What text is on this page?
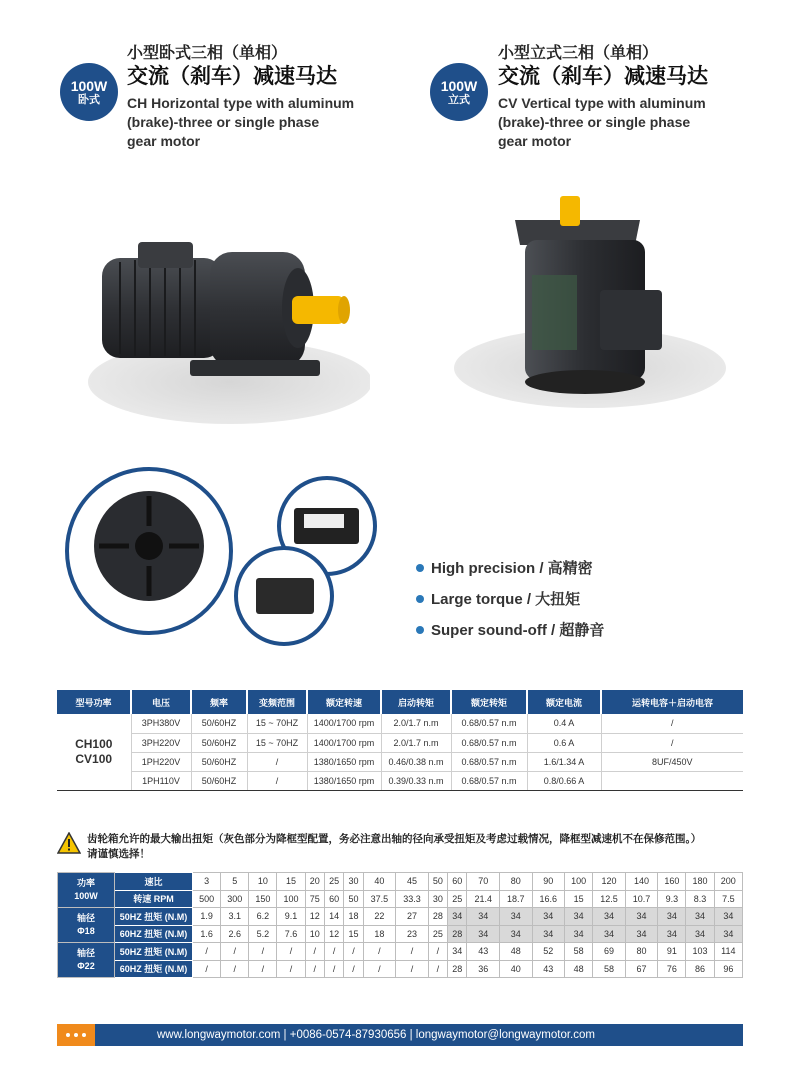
100W
卧式
小型卧式三相（单相）
交流（刹车）减速马达
CH Horizontal type with aluminum
(brake)-three or single phase
gear motor
100W
立式
小型立式三相（单相）
交流（刹车）减速马达
CV Vertical type with aluminum
(brake)-three or single phase
gear motor
High precision / 高精密
Large torque / 大扭矩
Super sound-off / 超静音
型号功率	电压	频率	变频范围	额定转速	启动转矩	额定转矩	额定电流	运转电容＋启动电容

CH100
CV100	3PH380V	50/60HZ	15 ~ 70HZ	1400/1700 rpm	2.0/1.7 n.m	0.68/0.57 n.m	0.4 A	/
	3PH220V	50/60HZ	15 ~ 70HZ	1400/1700 rpm	2.0/1.7 n.m	0.68/0.57 n.m	0.6 A	/
	1PH220V	50/60HZ	/	1380/1650 rpm	0.46/0.38 n.m	0.68/0.57 n.m	1.6/1.34 A	8UF/450V
	1PH110V	50/60HZ	/	1380/1650 rpm	0.39/0.33 n.m	0.68/0.57 n.m	0.8/0.66 A	
齿轮箱允许的最大输出扭矩（灰色部分为降框型配置，务必注意出轴的径向承受扭矩及考虑过载情况，降框型减速机不在保修范围。）
请谨慎选择！
功率
100W	速比	3	5	10	15	20	25	30	40	45	50	60	70	80	90	100	120	140	160	180	200
	转速 RPM	500	300	150	100	75	60	50	37.5	33.3	30	25	21.4	18.7	16.6	15	12.5	10.7	9.3	8.3	7.5
轴径
Φ18	50HZ 扭矩 (N.M)	1.9	3.1	6.2	9.1	12	14	18	22	27	28	34	34	34	34	34	34	34	34	34	34
	60HZ 扭矩 (N.M)	1.6	2.6	5.2	7.6	10	12	15	18	23	25	28	34	34	34	34	34	34	34	34	34
轴径
Φ22	50HZ 扭矩 (N.M)	/	/	/	/	/	/	/	/	/	/	34	43	48	52	58	69	80	91	103	114
	60HZ 扭矩 (N.M)	/	/	/	/	/	/	/	/	/	/	28	36	40	43	48	58	67	76	86	96
www.longwaymotor.com | +0086-0574-87930656 | longwaymotor@longwaymotor.com
